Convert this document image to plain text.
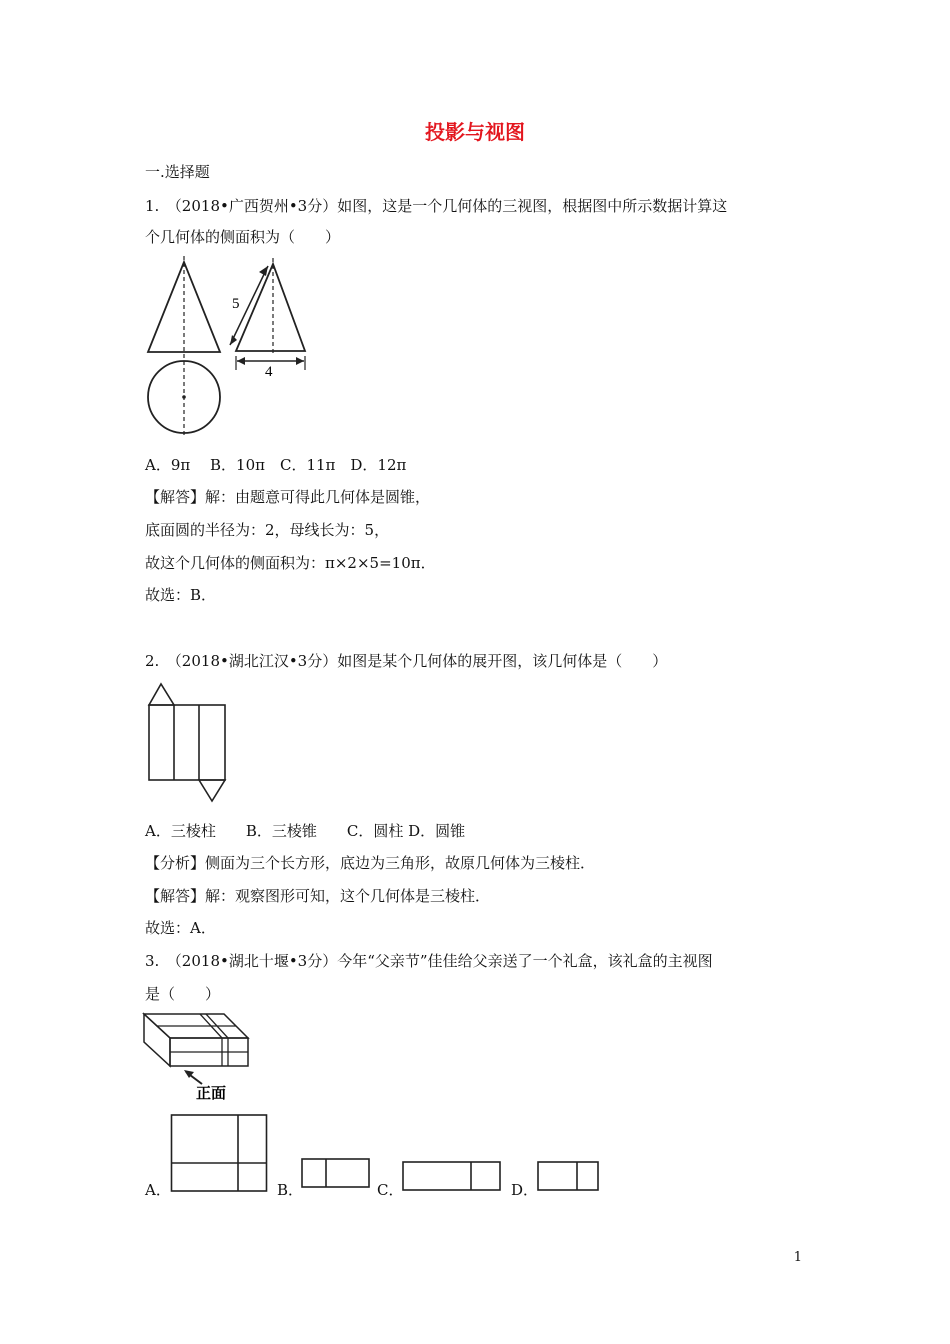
投影与视图
一.选择题
1.　（2018•广西贺州•3分）如图，这是一个几何体的三视图，根据图中所示数据计算这
个几何体的侧面积为（　　）
5
4
A．9π　 B．10π　C．11π　D．12π
【解答】解：由题意可得此几何体是圆锥，
底面圆的半径为：2，母线长为：5，
故这个几何体的侧面积为：π×2×5=10π．
故选：B．
2.　（2018•湖北江汉•3分）如图是某个几何体的展开图，该几何体是（　　）
A．三棱柱　　B．三棱锥　　C．圆柱 D．圆锥
【分析】侧面为三个长方形，底边为三角形，故原几何体为三棱柱．
【解答】解：观察图形可知，这个几何体是三棱柱．
故选：A．
3.　（2018•湖北十堰•3分）今年“父亲节”佳佳给父亲送了一个礼盒，该礼盒的主视图
是（　　）
正面
A．	B．	C．	D．
1
